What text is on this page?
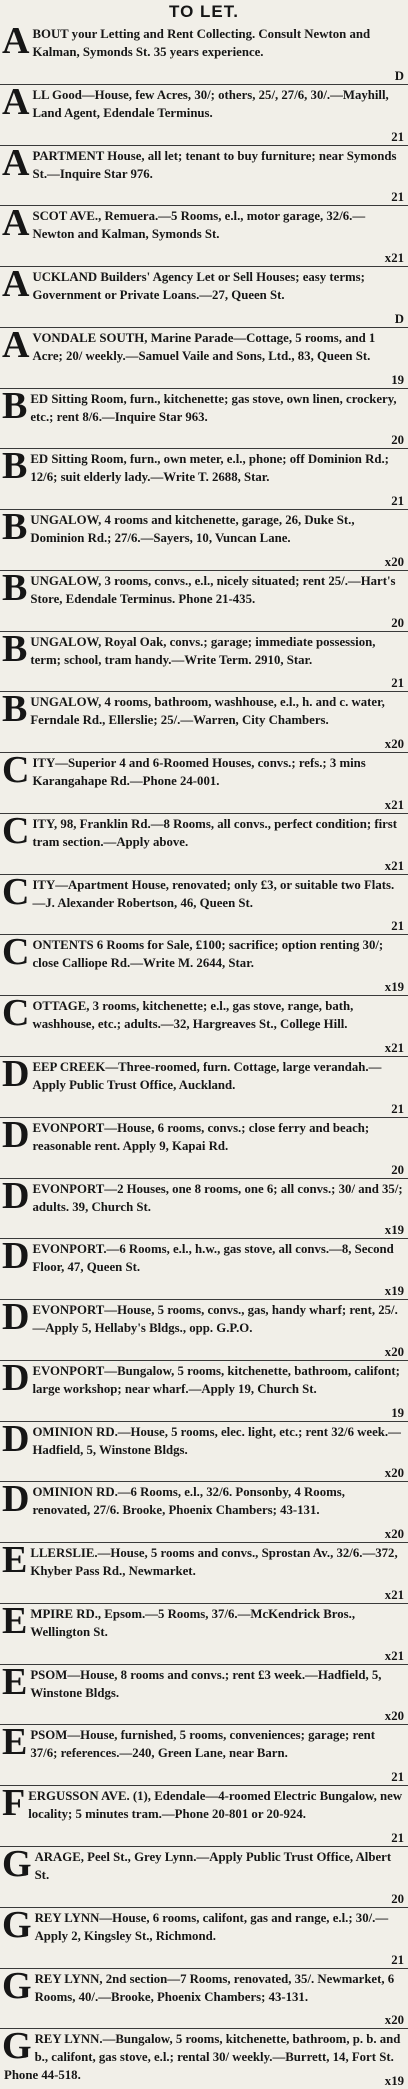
TO LET.
ABOUT your Letting and Rent Collecting. Consult Newton and Kalman, Symonds St. 35 years experience.
D
ALL Good—House, few Acres, 30/; others, 25/, 27/6, 30/.—Mayhill, Land Agent, Edendale Terminus.
21
APARTMENT House, all let; tenant to buy furniture; near Symonds St.—Inquire Star 976.
21
ASCOT AVE., Remuera.—5 Rooms, e.l., motor garage, 32/6.—Newton and Kalman, Symonds St.
x21
AUCKLAND Builders' Agency Let or Sell Houses; easy terms; Government or Private Loans.—27, Queen St.
D
AVONDALE SOUTH, Marine Parade—Cottage, 5 rooms, and 1 Acre; 20/ weekly.—Samuel Vaile and Sons, Ltd., 83, Queen St.
19
BED Sitting Room, furn., kitchenette; gas stove, own linen, crockery, etc.; rent 8/6.—Inquire Star 963.
20
BED Sitting Room, furn., own meter, e.l., phone; off Dominion Rd.; 12/6; suit elderly lady.—Write T. 2688, Star.
21
BUNGALOW, 4 rooms and kitchenette, garage, 26, Duke St., Dominion Rd.; 27/6.—Sayers, 10, Vuncan Lane.
x20
BUNGALOW, 3 rooms, convs., e.l., nicely situated; rent 25/.—Hart's Store, Edendale Terminus. Phone 21-435.
20
BUNGALOW, Royal Oak, convs.; garage; immediate possession, term; school, tram handy.—Write Term. 2910, Star.
21
BUNGALOW, 4 rooms, bathroom, washhouse, e.l., h. and c. water, Ferndale Rd., Ellerslie; 25/.—Warren, City Chambers.
x20
CITY—Superior 4 and 6-Roomed Houses, convs.; refs.; 3 mins Karangahape Rd.—Phone 24-001.
x21
CITY, 98, Franklin Rd.—8 Rooms, all convs., perfect condition; first tram section.—Apply above.
x21
CITY—Apartment House, renovated; only £3, or suitable two Flats.—J. Alexander Robertson, 46, Queen St.
21
CONTENTS 6 Rooms for Sale, £100; sacrifice; option renting 30/; close Calliope Rd.—Write M. 2644, Star.
x19
COTTAGE, 3 rooms, kitchenette; e.l., gas stove, range, bath, washhouse, etc.; adults.—32, Hargreaves St., College Hill.
x21
DEEP CREEK—Three-roomed, furn. Cottage, large verandah.—Apply Public Trust Office, Auckland.
21
DEVONPORT—House, 6 rooms, convs.; close ferry and beach; reasonable rent. Apply 9, Kapai Rd.
20
DEVONPORT—2 Houses, one 8 rooms, one 6; all convs.; 30/ and 35/; adults. 39, Church St.
x19
DEVONPORT.—6 Rooms, e.l., h.w., gas stove, all convs.—8, Second Floor, 47, Queen St.
x19
DEVONPORT—House, 5 rooms, convs., gas, handy wharf; rent, 25/.—Apply 5, Hellaby's Bldgs., opp. G.P.O.
x20
DEVONPORT—Bungalow, 5 rooms, kitchenette, bathroom, califont; large workshop; near wharf.—Apply 19, Church St.
19
DOMINION RD.—House, 5 rooms, elec. light, etc.; rent 32/6 week.—Hadfield, 5, Winstone Bldgs.
x20
DOMINION RD.—6 Rooms, e.l., 32/6. Ponsonby, 4 Rooms, renovated, 27/6. Brooke, Phoenix Chambers; 43-131.
x20
ELLERSLIE.—House, 5 rooms and convs., Sprostan Av., 32/6.—372, Khyber Pass Rd., Newmarket.
x21
EMPIRE RD., Epsom.—5 Rooms, 37/6.—McKendrick Bros., Wellington St.
x21
EPSOM—House, 8 rooms and convs.; rent £3 week.—Hadfield, 5, Winstone Bldgs.
x20
EPSOM—House, furnished, 5 rooms, conveniences; garage; rent 37/6; references.—240, Green Lane, near Barn.
21
FERGUSSON AVE. (1), Edendale—4-roomed Electric Bungalow, new locality; 5 minutes tram.—Phone 20-801 or 20-924.
21
GARAGE, Peel St., Grey Lynn.—Apply Public Trust Office, Albert St.
20
GREY LYNN—House, 6 rooms, califont, gas and range, e.l.; 30/.—Apply 2, Kingsley St., Richmond.
21
GREY LYNN, 2nd section—7 Rooms, renovated, 35/. Newmarket, 6 Rooms, 40/.—Brooke, Phoenix Chambers; 43-131.
x20
GREY LYNN.—Bungalow, 5 rooms, kitchenette, bathroom, p. b. and b., califont, gas stove, e.l.; rental 30/ weekly.—Burrett, 14, Fort St. Phone 44-518.	x19
